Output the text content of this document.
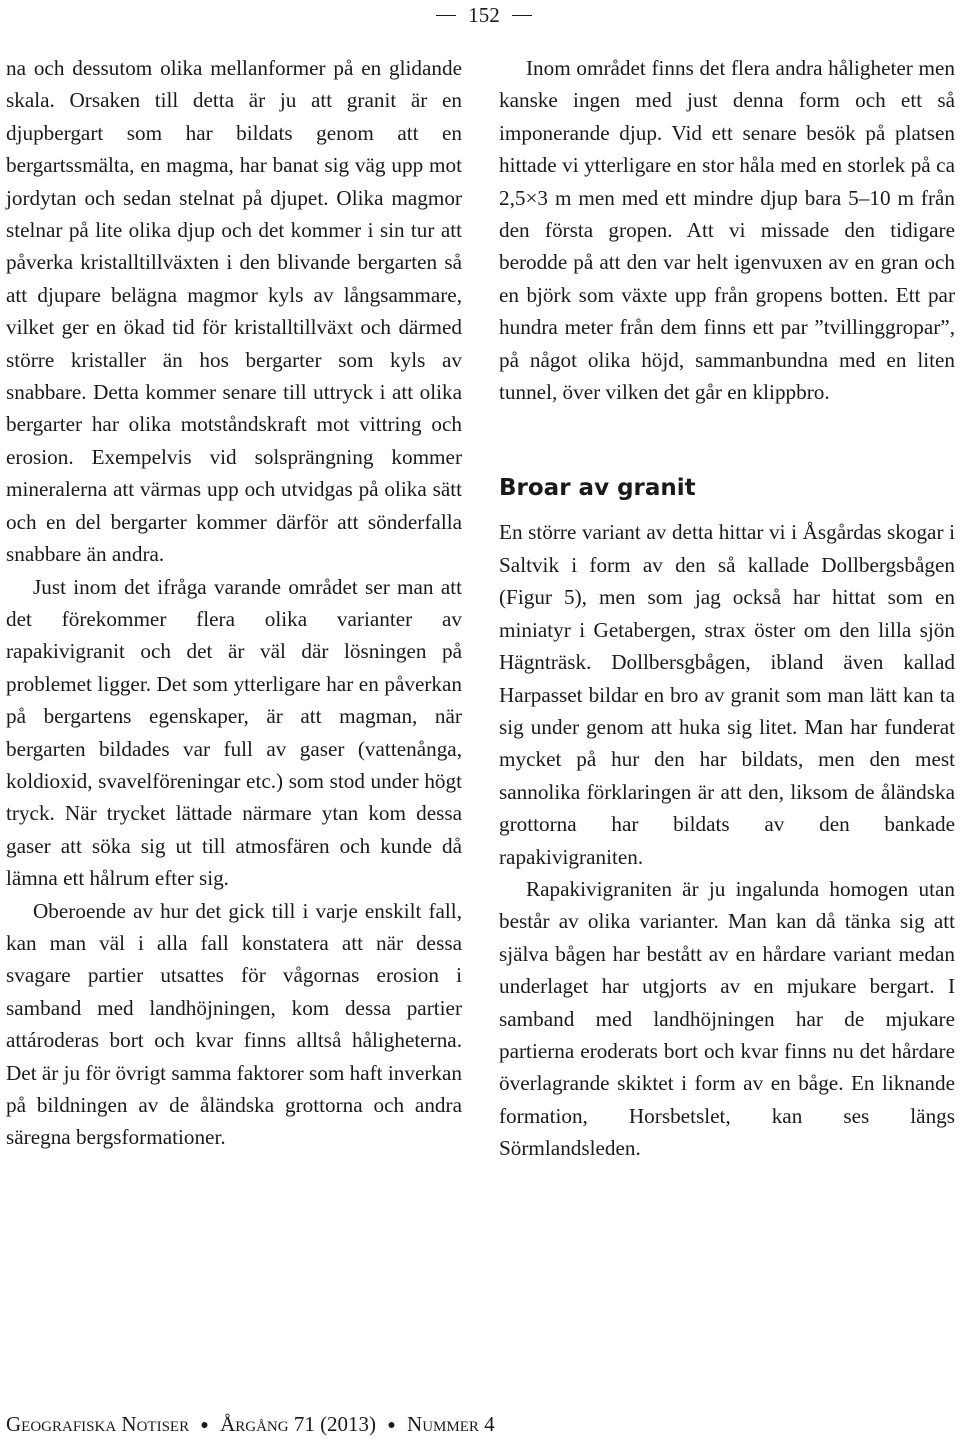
152

na och dessutom olika mellanformer på en glidande skala. Orsaken till detta är ju att granit är en djupbergart som har bildats genom att en bergartssmälta, en magma, har banat sig väg upp mot jordytan och sedan stelnat på djupet. Olika magmor stelnar på lite olika djup och det kommer i sin tur att påverka kristalltillväxten i den blivande bergarten så att djupare belägna magmor kyls av långsammare, vilket ger en ökad tid för kristalltillväxt och därmed större kristaller än hos bergarter som kyls av snabbare. Detta kommer senare till uttryck i att olika bergarter har olika motståndskraft mot vittring och erosion. Exempelvis vid solsprängning kommer mineralerna att värmas upp och utvidgas på olika sätt och en del bergarter kommer därför att sönderfalla snabbare än andra.

Just inom det ifråga varande området ser man att det förekommer flera olika varianter av rapakivigranit och det är väl där lösningen på problemet ligger. Det som ytterligare har en påverkan på bergartens egenskaper, är att magman, när bergarten bildades var full av gaser (vattenånga, koldioxid, svavelföreningar etc.) som stod under högt tryck. När trycket lättade närmare ytan kom dessa gaser att söka sig ut till atmosfären och kunde då lämna ett hålrum efter sig.

Oberoende av hur det gick till i varje enskilt fall, kan man väl i alla fall konstatera att när dessa svagare partier utsattes för vågornas erosion i samband med landhöjningen, kom dessa partier attároderas bort och kvar finns alltså håligheterna. Det är ju för övrigt samma faktorer som haft inverkan på bildningen av de åländska grottorna och andra säregna bergsformationer.

Inom området finns det flera andra håligheter men kanske ingen med just denna form och ett så imponerande djup. Vid ett senare besök på platsen hittade vi ytterligare en stor håla med en storlek på ca 2,5×3 m men med ett mindre djup bara 5–10 m från den första gropen. Att vi missade den tidigare berodde på att den var helt igenvuxen av en gran och en björk som växte upp från gropens botten. Ett par hundra meter från dem finns ett par ”tvillinggropar”, på något olika höjd, sammanbundna med en liten tunnel, över vilken det går en klippbro.

Broar av granit

En större variant av detta hittar vi i Åsgårdas skogar i Saltvik i form av den så kallade Dollbergsbågen (Figur 5), men som jag också har hittat som en miniatyr i Getabergen, strax öster om den lilla sjön Hägnträsk. Dollbersgbågen, ibland även kallad Harpasset bildar en bro av granit som man lätt kan ta sig under genom att huka sig litet. Man har funderat mycket på hur den har bildats, men den mest sannolika förklaringen är att den, liksom de åländska grottorna har bildats av den bankade rapakivigraniten.

Rapakivigraniten är ju ingalunda homogen utan består av olika varianter. Man kan då tänka sig att själva bågen har bestått av en hårdare variant medan underlaget har utgjorts av en mjukare bergart. I samband med landhöjningen har de mjukare partierna eroderats bort och kvar finns nu det hårdare överlagrande skiktet i form av en båge. En liknande formation, Horsbetslet, kan ses längs Sörmlandsleden.

Geografiska Notiser ● Årgång 71 (2013) ● Nummer 4
